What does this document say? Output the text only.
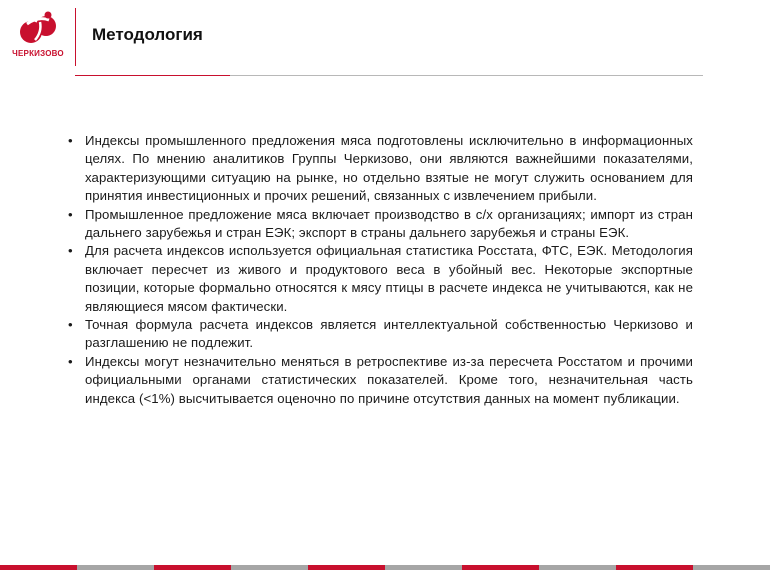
ЧЕРКИЗОВО
Методология
• Индексы промышленного предложения мяса подготовлены исключительно в информационных целях. По мнению аналитиков Группы Черкизово, они являются важнейшими показателями, характеризующими ситуацию на рынке, но отдельно взятые не могут служить основанием для принятия инвестиционных и прочих решений, связанных с извлечением прибыли.
• Промышленное предложение мяса включает производство в с/х организациях; импорт из стран дальнего зарубежья и стран ЕЭК; экспорт в страны дальнего зарубежья и страны ЕЭК.
• Для расчета индексов используется официальная статистика Росстата, ФТС, ЕЭК. Методология включает пересчет из живого и продуктового веса в убойный вес. Некоторые экспортные позиции, которые формально относятся к мясу птицы в расчете индекса не учитываются, как не являющиеся мясом фактически.
• Точная формула расчета индексов является интеллектуальной собственностью Черкизово и разглашению не подлежит.
• Индексы могут незначительно меняться в ретроспективе из-за пересчета Росстатом и прочими официальными органами статистических показателей. Кроме того, незначительная часть индекса (<1%) высчитывается оценочно по причине отсутствия данных на момент публикации.
